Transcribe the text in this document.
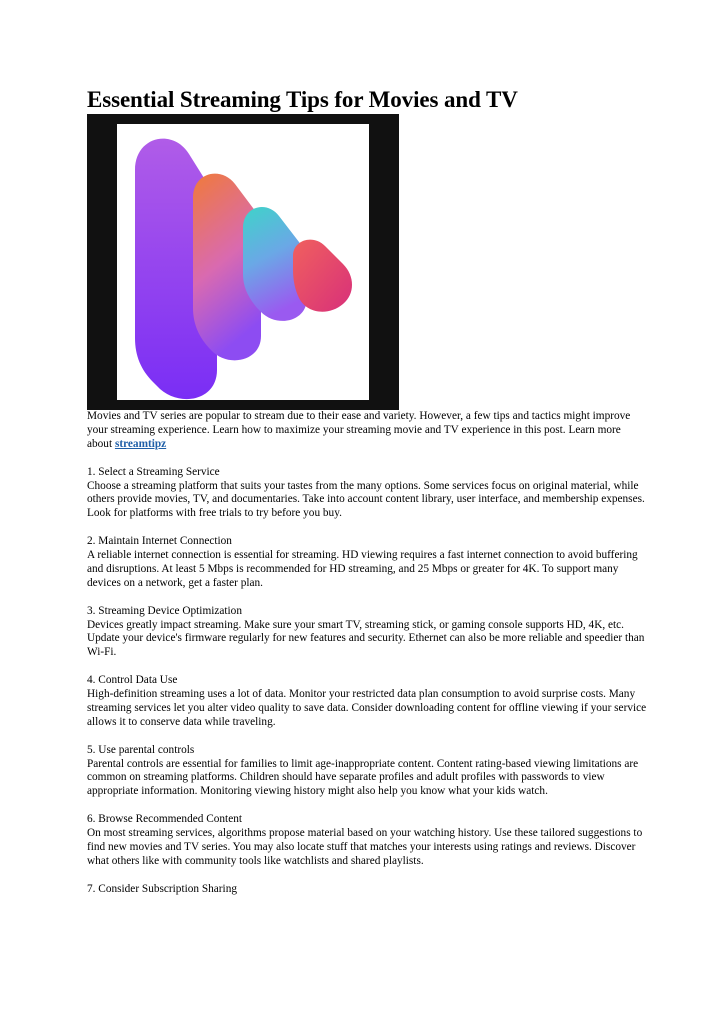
Essential Streaming Tips for Movies and TV

Movies and TV series are popular to stream due to their ease and variety. However, a few tips and tactics might improve your streaming experience. Learn how to maximize your streaming movie and TV experience in this post. Learn more about streamtipz

1. Select a Streaming Service
Choose a streaming platform that suits your tastes from the many options. Some services focus on original material, while others provide movies, TV, and documentaries. Take into account content library, user interface, and membership expenses. Look for platforms with free trials to try before you buy.

2. Maintain Internet Connection
A reliable internet connection is essential for streaming. HD viewing requires a fast internet connection to avoid buffering and disruptions. At least 5 Mbps is recommended for HD streaming, and 25 Mbps or greater for 4K. To support many devices on a network, get a faster plan.

3. Streaming Device Optimization
Devices greatly impact streaming. Make sure your smart TV, streaming stick, or gaming console supports HD, 4K, etc. Update your device's firmware regularly for new features and security. Ethernet can also be more reliable and speedier than Wi-Fi.

4. Control Data Use
High-definition streaming uses a lot of data. Monitor your restricted data plan consumption to avoid surprise costs. Many streaming services let you alter video quality to save data. Consider downloading content for offline viewing if your service allows it to conserve data while traveling.

5. Use parental controls
Parental controls are essential for families to limit age-inappropriate content. Content rating-based viewing limitations are common on streaming platforms. Children should have separate profiles and adult profiles with passwords to view appropriate information. Monitoring viewing history might also help you know what your kids watch.

6. Browse Recommended Content
On most streaming services, algorithms propose material based on your watching history. Use these tailored suggestions to find new movies and TV series. You may also locate stuff that matches your interests using ratings and reviews. Discover what others like with community tools like watchlists and shared playlists.

7. Consider Subscription Sharing
